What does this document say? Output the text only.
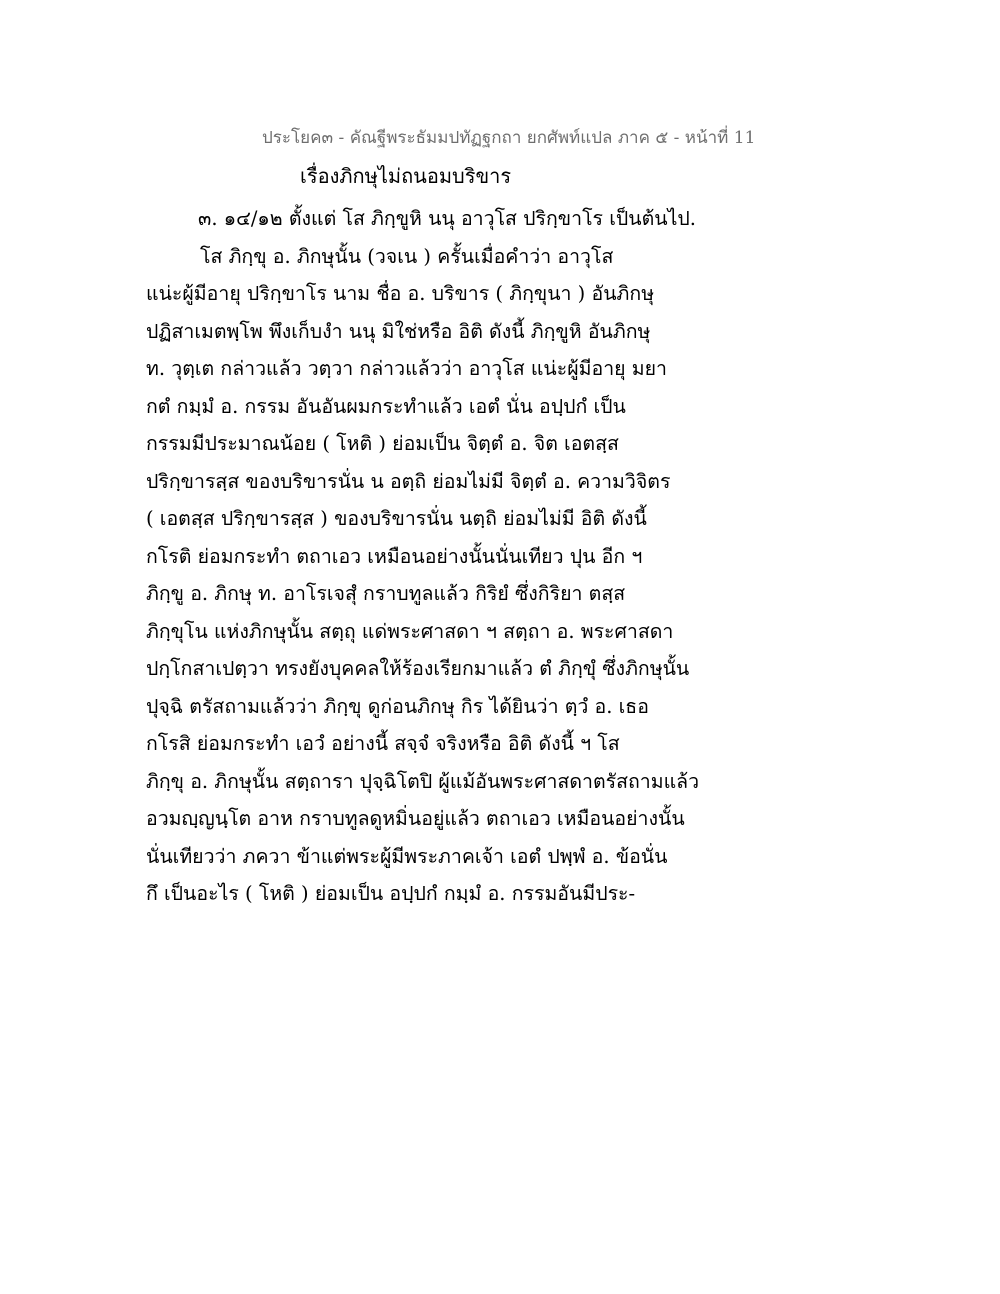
ประโยค๓ - คัณฐีพระธัมมปทัฏฐกถา ยกศัพท์แปล ภาค ๕ - หน้าที่ 11
เรื่องภิกษุไม่ถนอมบริขาร
๓. ๑๔/๑๒ ตั้งแต่ โส ภิกฺขูหิ นนุ อาวุโส ปริกฺขาโร เป็นต้นไป.
โส ภิกฺขุ อ. ภิกษุนั้น (วจเน ) ครั้นเมื่อคำว่า อาวุโส
แน่ะผู้มีอายุ ปริกฺขาโร นาม ชื่อ อ. บริขาร ( ภิกฺขุนา ) อันภิกษุ
ปฏิสาเมตพฺโพ พึงเก็บงำ นนุ มิใช่หรือ อิติ ดังนี้ ภิกฺขูหิ อันภิกษุ
ท. วุตฺเต กล่าวแล้ว วตฺวา กล่าวแล้วว่า อาวุโส แน่ะผู้มีอายุ มยา
กตํ กมฺมํ อ. กรรม อันอันผมกระทำแล้ว เอตํ นั่น อปฺปกํ เป็น
กรรมมีประมาณน้อย ( โหติ ) ย่อมเป็น จิตฺตํ อ. จิต เอตสฺส
ปริกฺขารสฺส ของบริขารนั่น น อตฺถิ ย่อมไม่มี จิตฺตํ อ. ความวิจิตร
( เอตสฺส ปริกฺขารสฺส ) ของบริขารนั่น นตฺถิ ย่อมไม่มี อิติ ดังนี้
กโรติ ย่อมกระทำ ตถาเอว เหมือนอย่างนั้นนั่นเทียว ปุน อีก ฯ
ภิกฺขู อ. ภิกษุ ท. อาโรเจสุํ กราบทูลแล้ว กิริยํ ซึ่งกิริยา ตสฺส
ภิกฺขุโน แห่งภิกษุนั้น สตฺถุ แด่พระศาสดา ฯ สตฺถา อ. พระศาสดา
ปกฺโกสาเปตฺวา ทรงยังบุคคลให้ร้องเรียกมาแล้ว ตํ ภิกฺขุํ ซึ่งภิกษุนั้น
ปุจฺฉิ ตรัสถามแล้วว่า ภิกฺขุ ดูก่อนภิกษุ กิร ได้ยินว่า ตฺวํ อ. เธอ
กโรสิ ย่อมกระทำ เอวํ อย่างนี้ สจฺจํ จริงหรือ อิติ ดังนี้ ฯ โส
ภิกฺขุ อ. ภิกษุนั้น สตฺถารา ปุจฺฉิโตปิ ผู้แม้อันพระศาสดาตรัสถามแล้ว
อวมญฺญนฺโต อาห กราบทูลดูหมิ่นอยู่แล้ว ตถาเอว เหมือนอย่างนั้น
นั่นเทียวว่า ภควา ข้าแต่พระผู้มีพระภาคเจ้า เอตํ ปพฺพํ อ. ข้อนั่น
กึ เป็นอะไร ( โหติ ) ย่อมเป็น อปฺปกํ กมฺมํ อ. กรรมอันมีประ-
